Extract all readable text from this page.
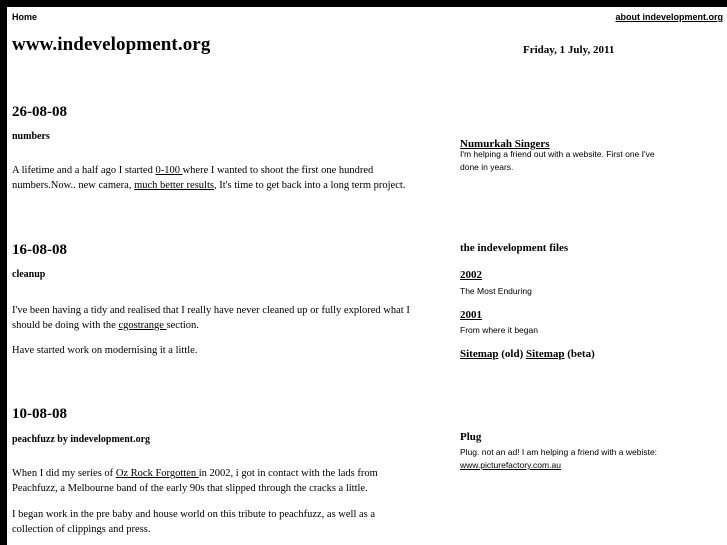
Home	about indevelopment.org
www.indevelopment.org	Friday, 1 July, 2011
26-08-08
numbers

A lifetime and a half ago I started 0-100 where I wanted to shoot the first one hundred numbers.Now.. new camera, much better results, It's time to get back into a long term project.

16-08-08
cleanup

I've been having a tidy and realised that I really have never cleaned up or fully explored what I should be doing with the cgostrange section.

Have started work on modernising it a little.

10-08-08
peachfuzz by indevelopment.org

When I did my series of Oz Rock Forgotten in 2002, i got in contact with the lads from Peachfuzz, a Melbourne band of the early 90s that slipped through the cracks a little.

I began work in the pre baby and house world on this tribute to peachfuzz, as well as a collection of clippings and press.

Numurkah Singers

I'm helping a friend out with a website. First one I've done in years.

the indevelopment files
2002

The Most Enduring

2001

From where it began

Sitemap (old) Sitemap (beta)
Plug

Plug. not an ad! I am helping a friend with a webiste: www.picturefactory.com.au
